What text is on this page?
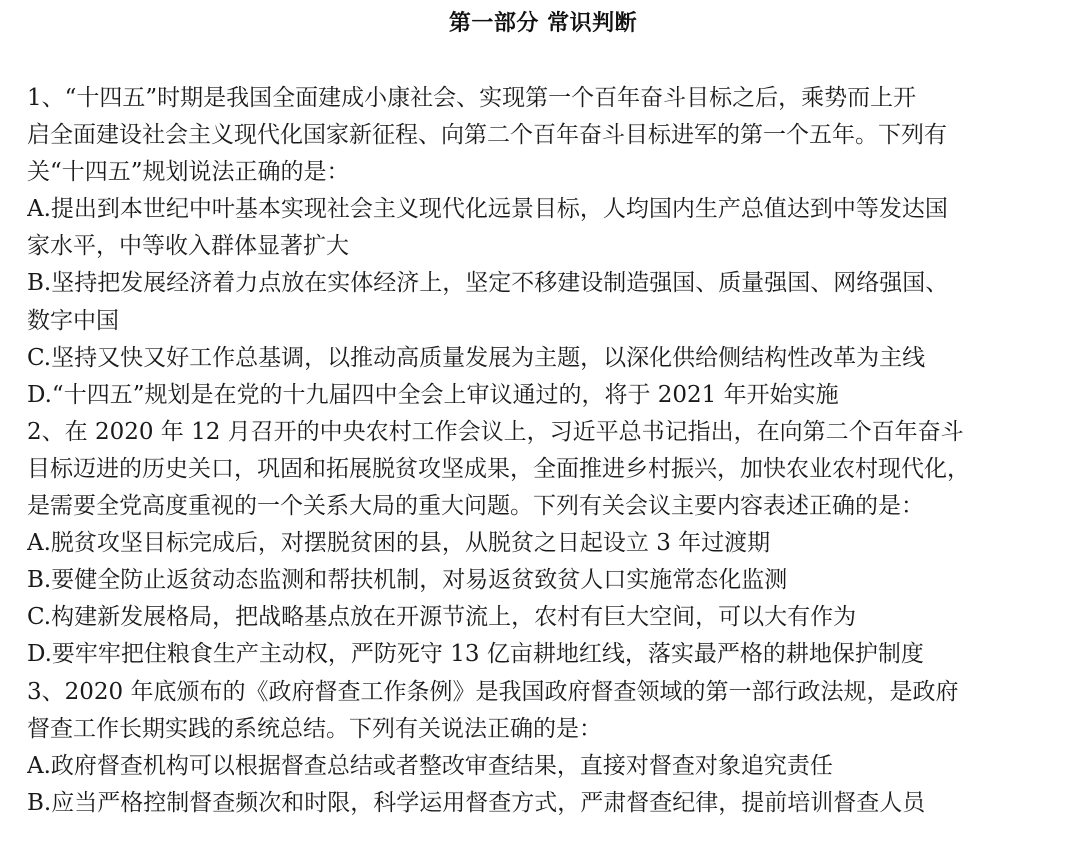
第一部分 常识判断
1、“十四五”时期是我国全面建成小康社会、实现第一个百年奋斗目标之后，乘势而上开
启全面建设社会主义现代化国家新征程、向第二个百年奋斗目标进军的第一个五年。下列有
关“十四五”规划说法正确的是：
A.提出到本世纪中叶基本实现社会主义现代化远景目标，人均国内生产总值达到中等发达国
家水平，中等收入群体显著扩大
B.坚持把发展经济着力点放在实体经济上，坚定不移建设制造强国、质量强国、网络强国、
数字中国
C.坚持又快又好工作总基调，以推动高质量发展为主题，以深化供给侧结构性改革为主线
D.“十四五”规划是在党的十九届四中全会上审议通过的，将于 2021 年开始实施
2、在 2020 年 12 月召开的中央农村工作会议上，习近平总书记指出，在向第二个百年奋斗
目标迈进的历史关口，巩固和拓展脱贫攻坚成果，全面推进乡村振兴，加快农业农村现代化，
是需要全党高度重视的一个关系大局的重大问题。下列有关会议主要内容表述正确的是：
A.脱贫攻坚目标完成后，对摆脱贫困的县，从脱贫之日起设立 3 年过渡期
B.要健全防止返贫动态监测和帮扶机制，对易返贫致贫人口实施常态化监测
C.构建新发展格局，把战略基点放在开源节流上，农村有巨大空间，可以大有作为
D.要牢牢把住粮食生产主动权，严防死守 13 亿亩耕地红线，落实最严格的耕地保护制度
3、2020 年底颁布的《政府督查工作条例》是我国政府督查领域的第一部行政法规，是政府
督查工作长期实践的系统总结。下列有关说法正确的是：
A.政府督查机构可以根据督查总结或者整改审查结果，直接对督查对象追究责任
B.应当严格控制督查频次和时限，科学运用督查方式，严肃督查纪律，提前培训督查人员
